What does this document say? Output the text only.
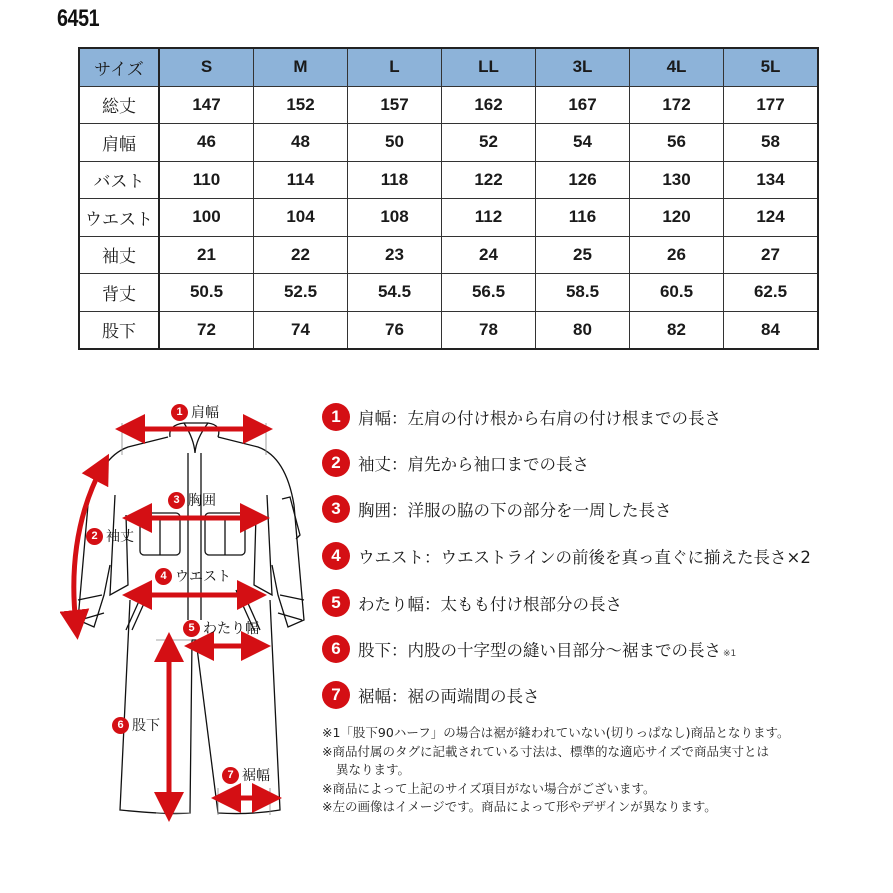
6451
サイズ	S	M	L	LL	3L	4L	5L
総丈	147	152	157	162	167	172	177
肩幅	46	48	50	52	54	56	58
バスト	110	114	118	122	126	130	134
ウエスト	100	104	108	112	116	120	124
袖丈	21	22	23	24	25	26	27
背丈	50.5	52.5	54.5	56.5	58.5	60.5	62.5
股下	72	74	76	78	80	82	84
1 肩幅
2 袖丈
3 胸囲
4 ウエスト
5 わたり幅
6 股下
7 裾幅
1	肩幅：左肩の付け根から右肩の付け根までの長さ
2	袖丈：肩先から袖口までの長さ
3	胸囲：洋服の脇の下の部分を一周した長さ
4	ウエスト：ウエストラインの前後を真っ直ぐに揃えた長さ×2
5	わたり幅：太もも付け根部分の長さ
6	股下：内股の十字型の縫い目部分～裾までの長さ ※1
7	裾幅：裾の両端間の長さ
※1「股下90ハーフ」の場合は裾が縫われていない(切りっぱなし)商品となります。
※商品付属のタグに記載されている寸法は、標準的な適応サイズで商品実寸とは
異なります。
※商品によって上記のサイズ項目がない場合がございます。
※左の画像はイメージです。商品によって形やデザインが異なります。
